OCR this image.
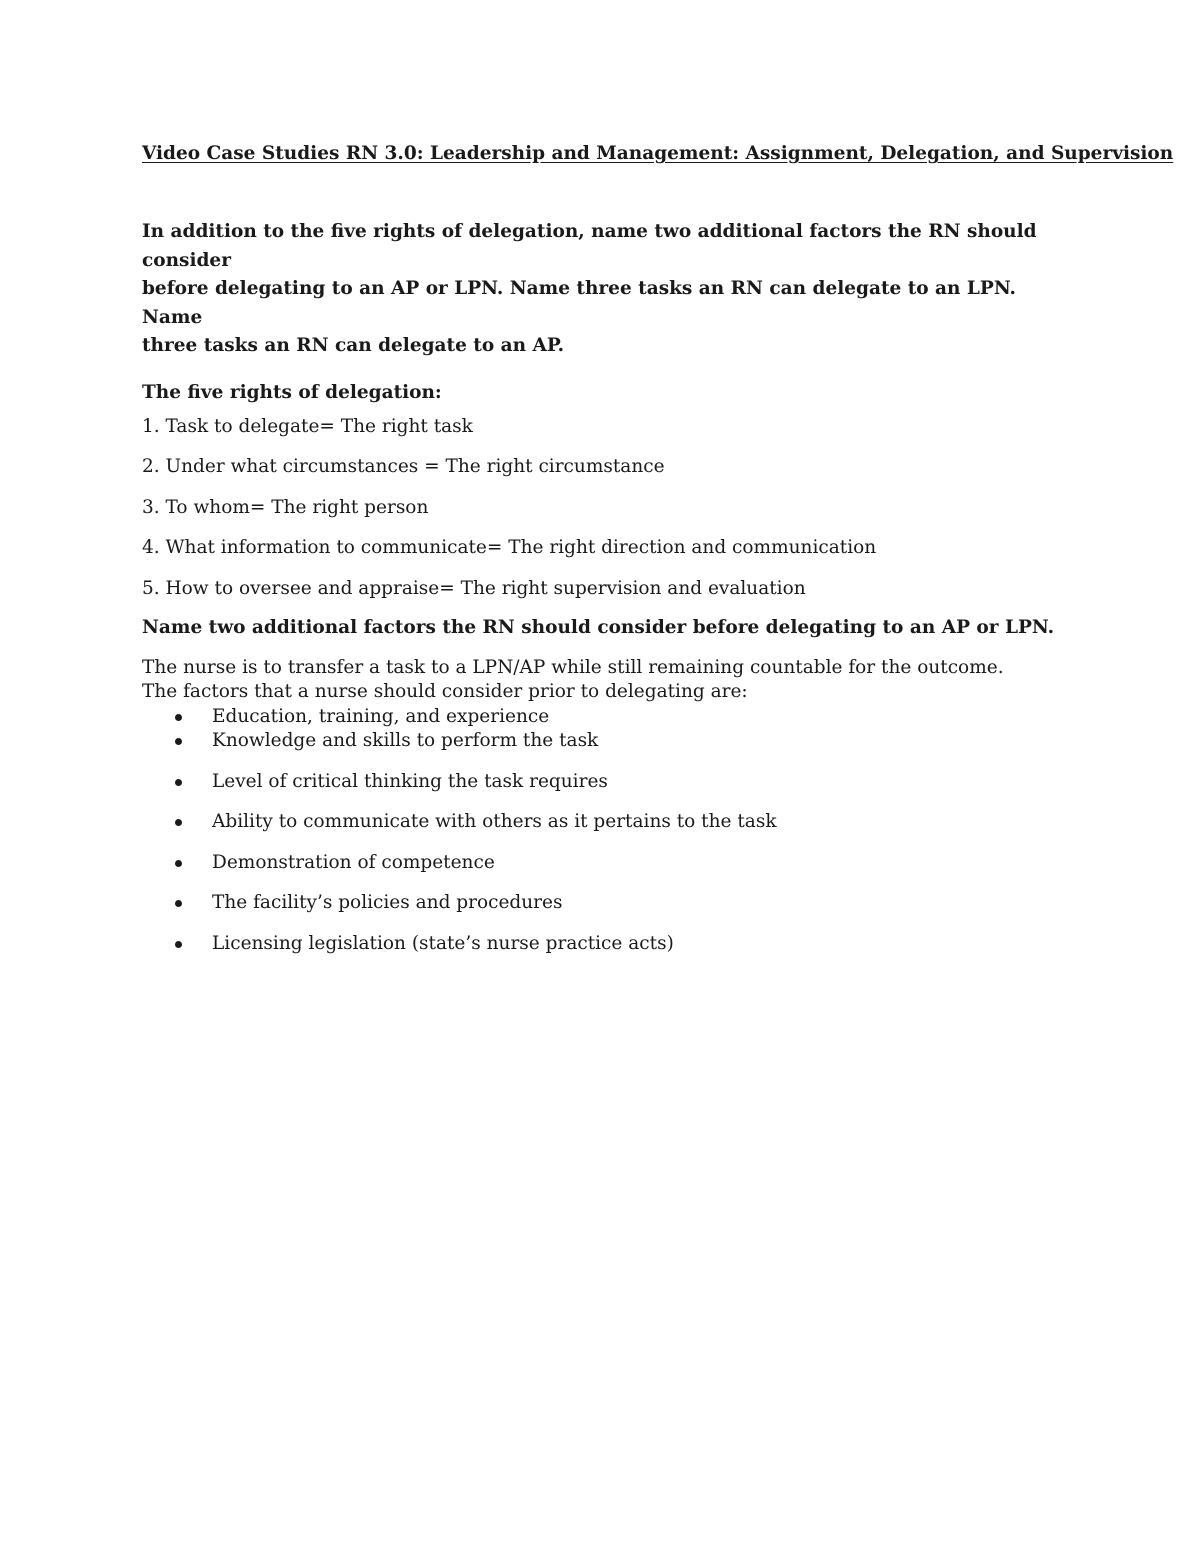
Video Case Studies RN 3.0: Leadership and Management: Assignment, Delegation, and Supervision

In addition to the five rights of delegation, name two additional factors the RN should consider
before delegating to an AP or LPN. Name three tasks an RN can delegate to an LPN. Name
three tasks an RN can delegate to an AP.

The five rights of delegation:

1. Task to delegate= The right task
2. Under what circumstances = The right circumstance
3. To whom= The right person
4. What information to communicate= The right direction and communication
5. How to oversee and appraise= The right supervision and evaluation

Name two additional factors the RN should consider before delegating to an AP or LPN.

The nurse is to transfer a task to a LPN/AP while still remaining countable for the outcome.
The factors that a nurse should consider prior to delegating are:

Education, training, and experience
Knowledge and skills to perform the task
Level of critical thinking the task requires
Ability to communicate with others as it pertains to the task
Demonstration of competence
The facility’s policies and procedures
Licensing legislation (state’s nurse practice acts)
